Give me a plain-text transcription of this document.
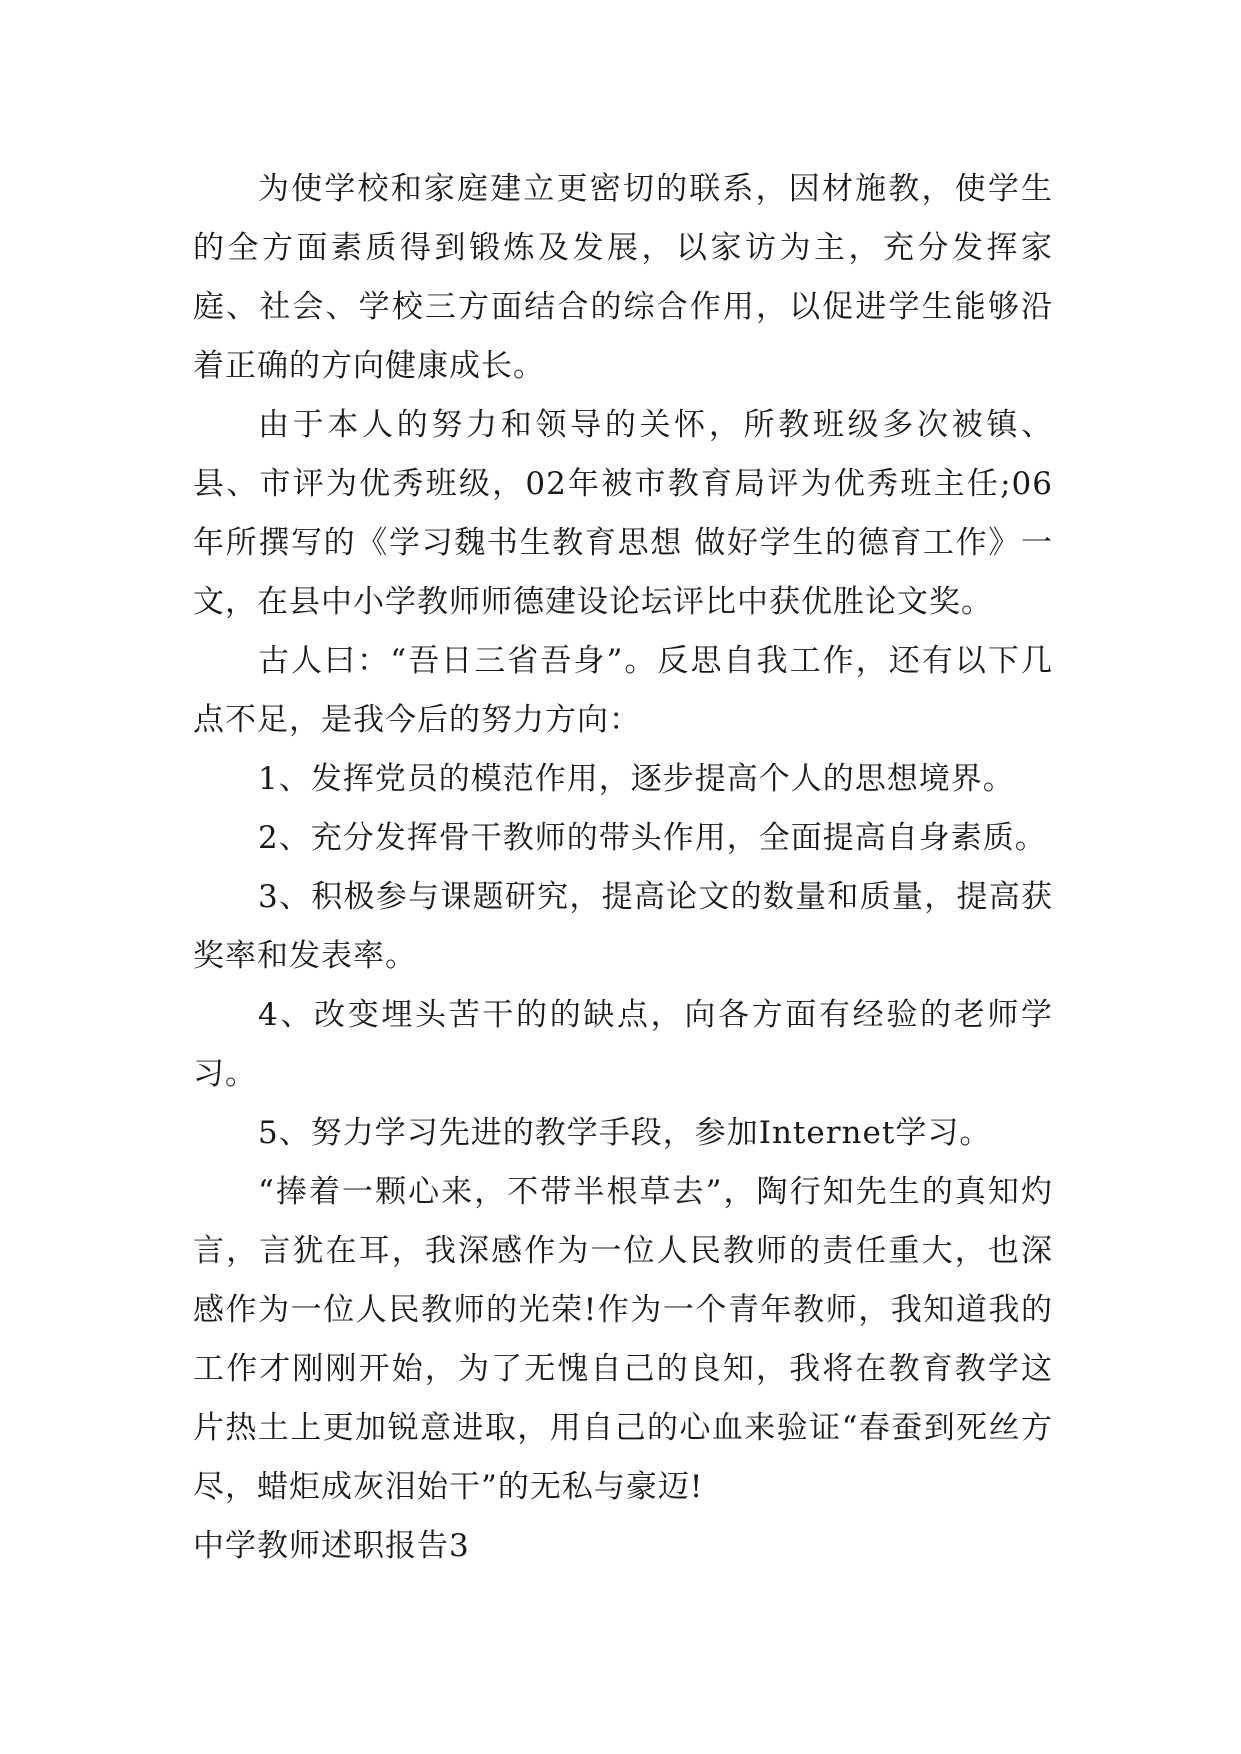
为使学校和家庭建立更密切的联系，因材施教，使学生的全方面素质得到锻炼及发展，以家访为主，充分发挥家庭、社会、学校三方面结合的综合作用，以促进学生能够沿着正确的方向健康成长。

由于本人的努力和领导的关怀，所教班级多次被镇、县、市评为优秀班级，02年被市教育局评为优秀班主任;06年所撰写的《学习魏书生教育思想 做好学生的德育工作》一文，在县中小学教师师德建设论坛评比中获优胜论文奖。

古人曰：“吾日三省吾身”。反思自我工作，还有以下几点不足，是我今后的努力方向：

1、发挥党员的模范作用，逐步提高个人的思想境界。

2、充分发挥骨干教师的带头作用，全面提高自身素质。

3、积极参与课题研究，提高论文的数量和质量，提高获奖率和发表率。

4、改变埋头苦干的的缺点，向各方面有经验的老师学习。

5、努力学习先进的教学手段，参加Internet学习。

“捧着一颗心来，不带半根草去”，陶行知先生的真知灼言，言犹在耳，我深感作为一位人民教师的责任重大，也深感作为一位人民教师的光荣!作为一个青年教师，我知道我的工作才刚刚开始，为了无愧自己的良知，我将在教育教学这片热土上更加锐意进取，用自己的心血来验证“春蚕到死丝方尽，蜡炬成灰泪始干”的无私与豪迈!

中学教师述职报告3
